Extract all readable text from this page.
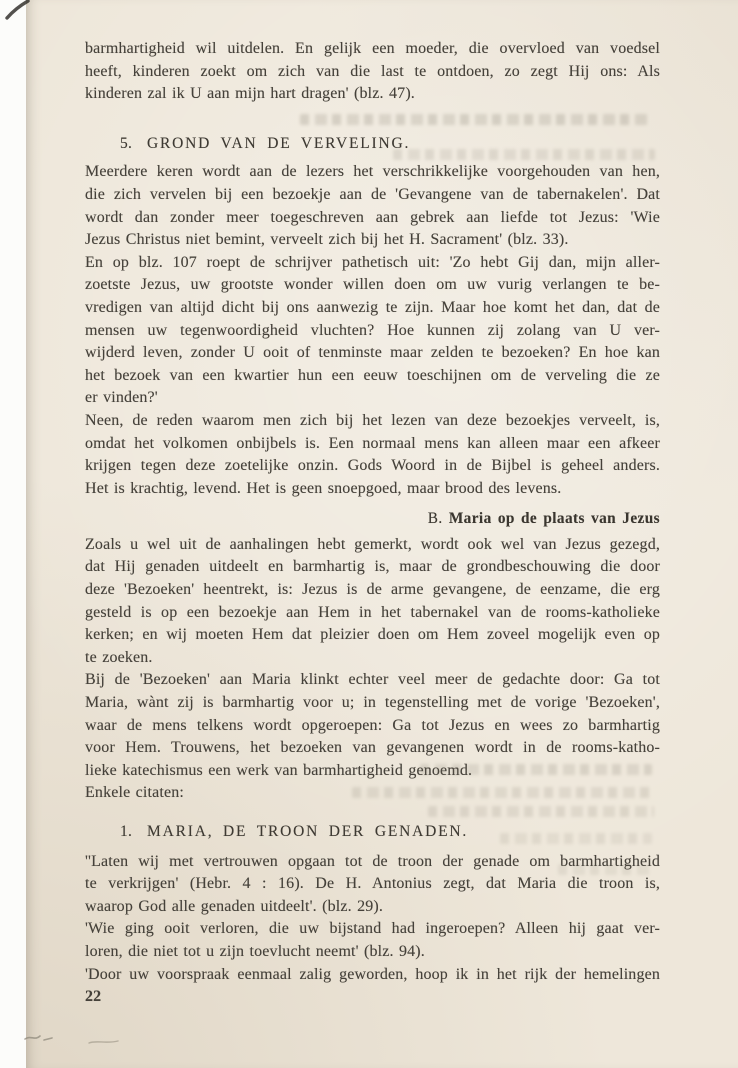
barmhartigheid wil uitdelen. En gelijk een moeder, die overvloed van voedsel
heeft, kinderen zoekt om zich van die last te ontdoen, zo zegt Hij ons: Als
kinderen zal ik U aan mijn hart dragen' (blz. 47).
5. GROND VAN DE VERVELING.
Meerdere keren wordt aan de lezers het verschrikkelijke voorgehouden van hen,
die zich vervelen bij een bezoekje aan de 'Gevangene van de tabernakelen'. Dat
wordt dan zonder meer toegeschreven aan gebrek aan liefde tot Jezus: 'Wie
Jezus Christus niet bemint, verveelt zich bij het H. Sacrament' (blz. 33).
En op blz. 107 roept de schrijver pathetisch uit: 'Zo hebt Gij dan, mijn aller-
zoetste Jezus, uw grootste wonder willen doen om uw vurig verlangen te be-
vredigen van altijd dicht bij ons aanwezig te zijn. Maar hoe komt het dan, dat de
mensen uw tegenwoordigheid vluchten? Hoe kunnen zij zolang van U ver-
wijderd leven, zonder U ooit of tenminste maar zelden te bezoeken? En hoe kan
het bezoek van een kwartier hun een eeuw toeschijnen om de verveling die ze
er vinden?'
Neen, de reden waarom men zich bij het lezen van deze bezoekjes verveelt, is,
omdat het volkomen onbijbels is. Een normaal mens kan alleen maar een afkeer
krijgen tegen deze zoetelijke onzin. Gods Woord in de Bijbel is geheel anders.
Het is krachtig, levend. Het is geen snoepgoed, maar brood des levens.
B. Maria op de plaats van Jezus
Zoals u wel uit de aanhalingen hebt gemerkt, wordt ook wel van Jezus gezegd,
dat Hij genaden uitdeelt en barmhartig is, maar de grondbeschouwing die door
deze 'Bezoeken' heentrekt, is: Jezus is de arme gevangene, de eenzame, die erg
gesteld is op een bezoekje aan Hem in het tabernakel van de rooms-katholieke
kerken; en wij moeten Hem dat pleizier doen om Hem zoveel mogelijk even op
te zoeken.
Bij de 'Bezoeken' aan Maria klinkt echter veel meer de gedachte door: Ga tot
Maria, wànt zij is barmhartig voor u; in tegenstelling met de vorige 'Bezoeken',
waar de mens telkens wordt opgeroepen: Ga tot Jezus en wees zo barmhartig
voor Hem. Trouwens, het bezoeken van gevangenen wordt in de rooms-katho-
lieke katechismus een werk van barmhartigheid genoemd.
Enkele citaten:
1. MARIA, DE TROON DER GENADEN.
''Laten wij met vertrouwen opgaan tot de troon der genade om barmhartigheid
te verkrijgen' (Hebr. 4 : 16). De H. Antonius zegt, dat Maria die troon is,
waarop God alle genaden uitdeelt'. (blz. 29).
'Wie ging ooit verloren, die uw bijstand had ingeroepen? Alleen hij gaat ver-
loren, die niet tot u zijn toevlucht neemt' (blz. 94).
'Door uw voorspraak eenmaal zalig geworden, hoop ik in het rijk der hemelingen
22
